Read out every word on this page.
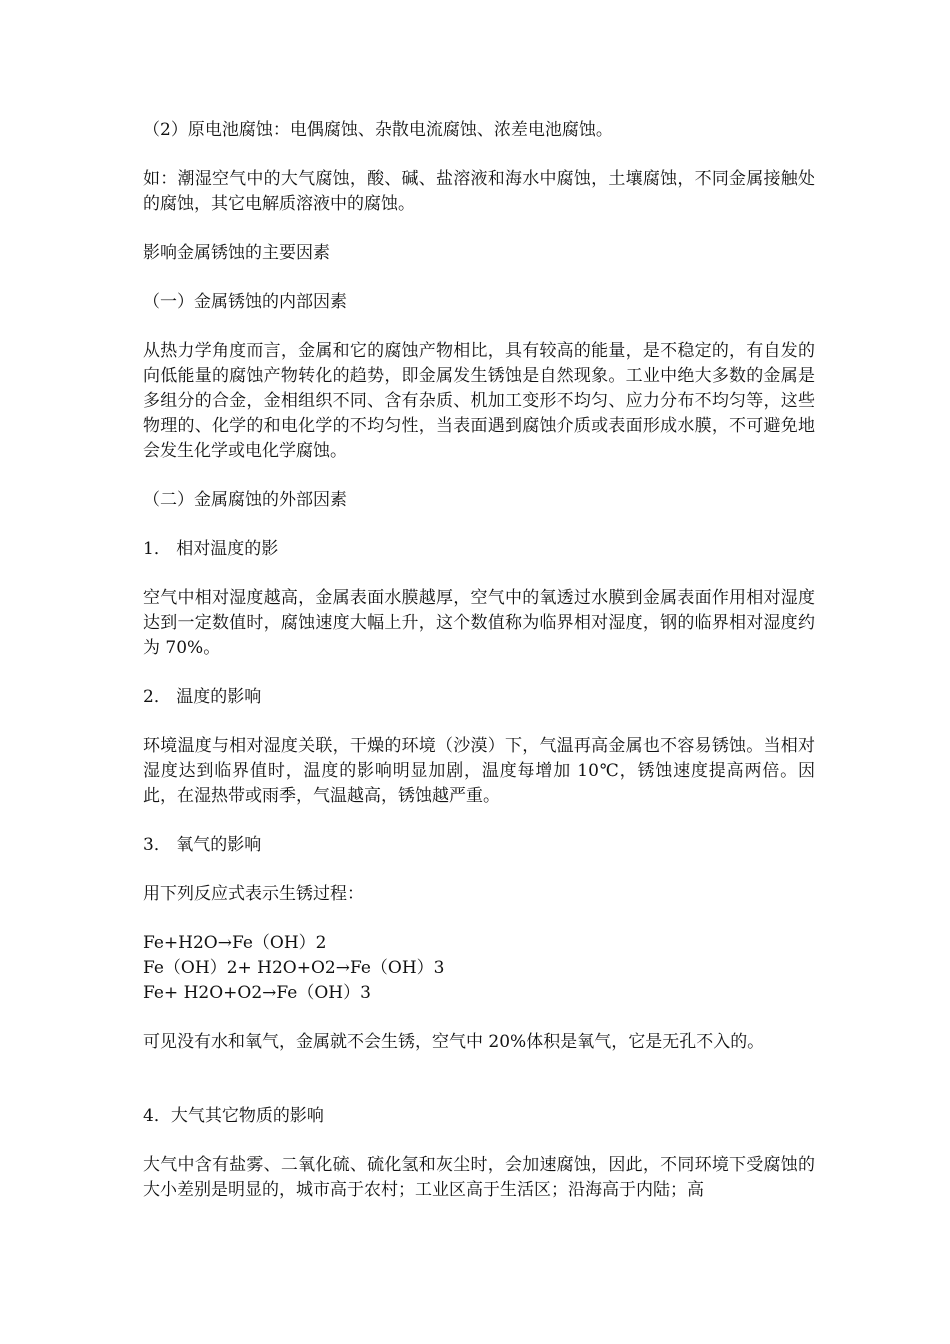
（2）原电池腐蚀：电偶腐蚀、杂散电流腐蚀、浓差电池腐蚀。

如：潮湿空气中的大气腐蚀，酸、碱、盐溶液和海水中腐蚀，土壤腐蚀，不同金属接触处的腐蚀，其它电解质溶液中的腐蚀。

影响金属锈蚀的主要因素

（一）金属锈蚀的内部因素

从热力学角度而言，金属和它的腐蚀产物相比，具有较高的能量，是不稳定的，有自发的向低能量的腐蚀产物转化的趋势，即金属发生锈蚀是自然现象。工业中绝大多数的金属是多组分的合金，金相组织不同、含有杂质、机加工变形不均匀、应力分布不均匀等，这些物理的、化学的和电化学的不均匀性，当表面遇到腐蚀介质或表面形成水膜，不可避免地会发生化学或电化学腐蚀。

（二）金属腐蚀的外部因素

1． 相对温度的影

空气中相对湿度越高，金属表面水膜越厚，空气中的氧透过水膜到金属表面作用相对湿度达到一定数值时，腐蚀速度大幅上升，这个数值称为临界相对湿度，钢的临界相对湿度约为 70%。

2． 温度的影响

环境温度与相对湿度关联，干燥的环境（沙漠）下，气温再高金属也不容易锈蚀。当相对湿度达到临界值时，温度的影响明显加剧，温度每增加 10℃，锈蚀速度提高两倍。因此，在湿热带或雨季，气温越高，锈蚀越严重。

3． 氧气的影响

用下列反应式表示生锈过程：

Fe+H2O→Fe（OH）2
Fe（OH）2+ H2O+O2→Fe（OH）3
Fe+ H2O+O2→Fe（OH）3

可见没有水和氧气，金属就不会生锈，空气中 20%体积是氧气，它是无孔不入的。

4．大气其它物质的影响

大气中含有盐雾、二氧化硫、硫化氢和灰尘时，会加速腐蚀，因此，不同环境下受腐蚀的大小差别是明显的，城市高于农村；工业区高于生活区；沿海高于内陆；高
